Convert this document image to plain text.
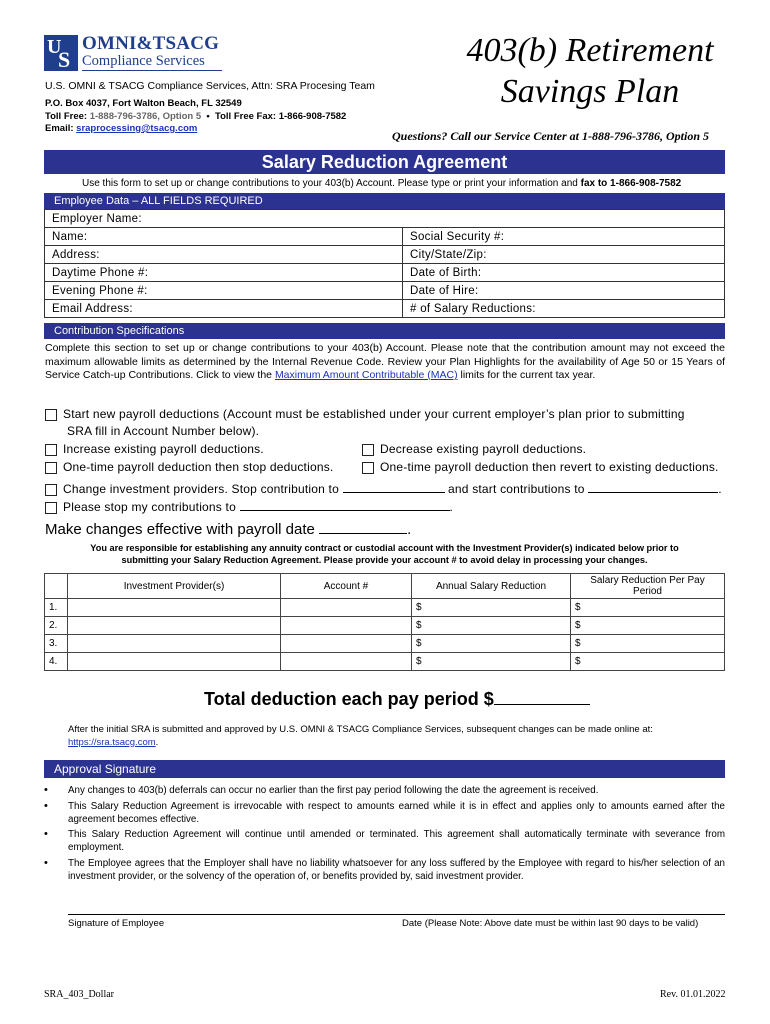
U
S
OMNI&TSACG
Compliance Services
U.S. OMNI & TSACG Compliance Services, Attn: SRA Procesing Team
P.O. Box 4037, Fort Walton Beach, FL 32549
Toll Free: 1-888-796-3786, Option 5 • Toll Free Fax: 1-866-908-7582
Email: sraprocessing@tsacg.com
403(b) Retirement
Savings Plan
Questions? Call our Service Center at 1-888-796-3786, Option 5
Salary Reduction Agreement
Use this form to set up or change contributions to your 403(b) Account. Please type or print your information and fax to 1-866-908-7582
Employee Data – ALL FIELDS REQUIRED
Employer Name:	
Name:	Social Security #:
Address:	City/State/Zip:
Daytime Phone #:	Date of Birth:
Evening Phone #:	Date of Hire:
Email Address:	# of Salary Reductions:
Contribution Specifications
Complete this section to set up or change contributions to your 403(b) Account. Please note that the contribution amount may not exceed the maximum allowable limits as determined by the Internal Revenue Code. Review your Plan Highlights for the availability of Age 50 or 15 Years of Service Catch-up Contributions. Click to view the Maximum Amount Contributable (MAC) limits for the current tax year.
Start new payroll deductions (Account must be established under your current employer’s plan prior to submitting
SRA fill in Account Number below).
Increase existing payroll deductions.	Decrease existing payroll deductions.
One-time payroll deduction then stop deductions.	One-time payroll deduction then revert to existing deductions.
Change investment providers. Stop contribution to	and start contributions to	.
Please stop my contributions to	.
Make changes effective with payroll date	.
You are responsible for establishing any annuity contract or custodial account with the Investment Provider(s) indicated below prior to
submitting your Salary Reduction Agreement. Please provide your account # to avoid delay in processing your changes.
	Investment Provider(s)	Account #	Annual Salary Reduction	Salary Reduction Per Pay Period
1.			$	$
2.			$	$
3.			$	$
4.			$	$
Total deduction each pay period $
After the initial SRA is submitted and approved by U.S. OMNI & TSACG Compliance Services, subsequent changes can be made online at:
https://sra.tsacg.com.
Approval Signature
• Any changes to 403(b) deferrals can occur no earlier than the first pay period following the date the agreement is received.
• This Salary Reduction Agreement is irrevocable with respect to amounts earned while it is in effect and applies only to amounts earned after the agreement becomes effective.
• This Salary Reduction Agreement will continue until amended or terminated. This agreement shall automatically terminate with severance from employment.
• The Employee agrees that the Employer shall have no liability whatsoever for any loss suffered by the Employee with regard to his/her selection of an investment provider, or the solvency of the operation of, or benefits provided by, said investment provider.
Signature of Employee	Date (Please Note: Above date must be within last 90 days to be valid)
SRA_403_Dollar	Rev. 01.01.2022
